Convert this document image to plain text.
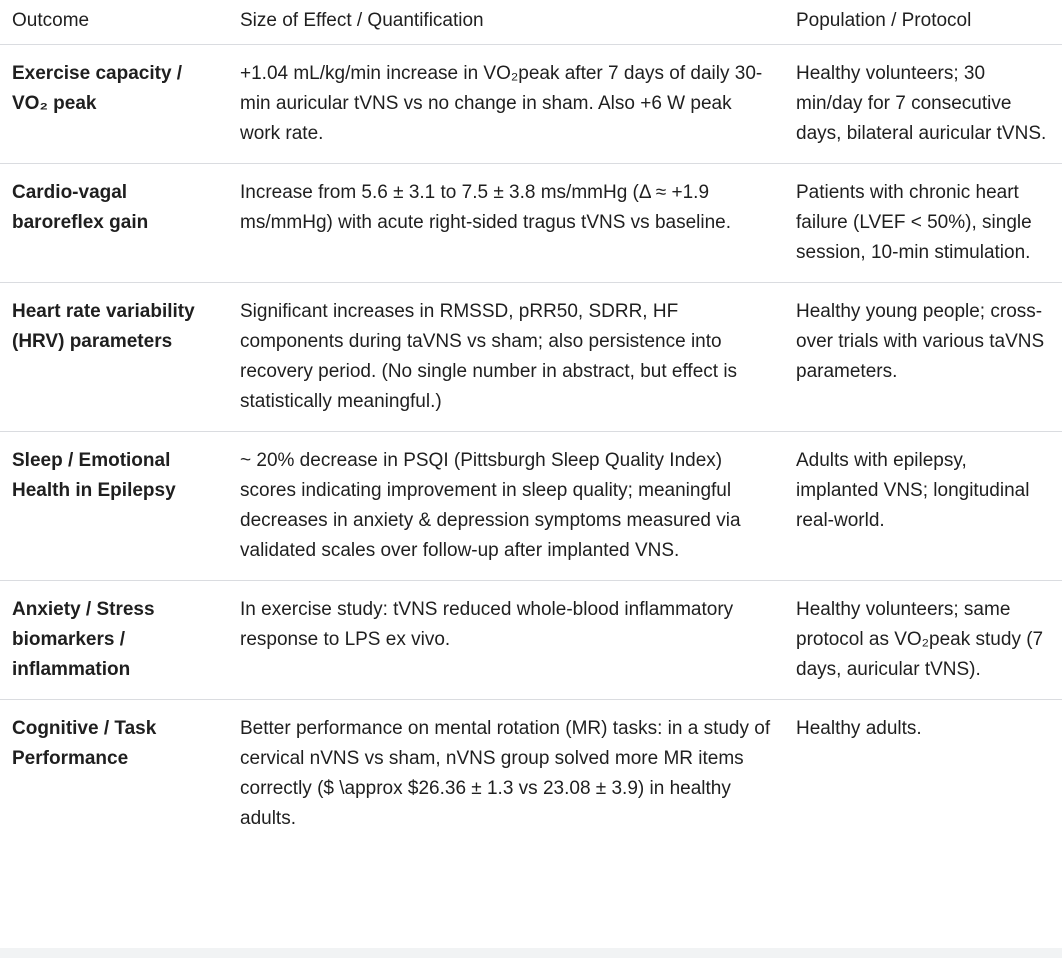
Outcome	Size of Effect / Quantification	Population / Protocol
Exercise capacity / VO₂ peak	+1.04 mL/kg/min increase in VO₂peak after 7 days of daily 30-min auricular tVNS vs no change in sham. Also +6 W peak work rate.	Healthy volunteers; 30 min/day for 7 consecutive days, bilateral auricular tVNS.
Cardio-vagal baroreflex gain	Increase from 5.6 ± 3.1 to 7.5 ± 3.8 ms/mmHg (Δ ≈ +1.9 ms/mmHg) with acute right-sided tragus tVNS vs baseline.	Patients with chronic heart failure (LVEF < 50%), single session, 10-min stimulation.
Heart rate variability (HRV) parameters	Significant increases in RMSSD, pRR50, SDRR, HF components during taVNS vs sham; also persistence into recovery period. (No single number in abstract, but effect is statistically meaningful.)	Healthy young people; cross-over trials with various taVNS parameters.
Sleep / Emotional Health in Epilepsy	~ 20% decrease in PSQI (Pittsburgh Sleep Quality Index) scores indicating improvement in sleep quality; meaningful decreases in anxiety & depression symptoms measured via validated scales over follow-up after implanted VNS.	Adults with epilepsy, implanted VNS; longitudinal real-world.
Anxiety / Stress biomarkers / inflammation	In exercise study: tVNS reduced whole-blood inflammatory response to LPS ex vivo.	Healthy volunteers; same protocol as VO₂peak study (7 days, auricular tVNS).
Cognitive / Task Performance	Better performance on mental rotation (MR) tasks: in a study of cervical nVNS vs sham, nVNS group solved more MR items correctly ($ \approx $26.36 ± 1.3 vs 23.08 ± 3.9) in healthy adults.	Healthy adults.
